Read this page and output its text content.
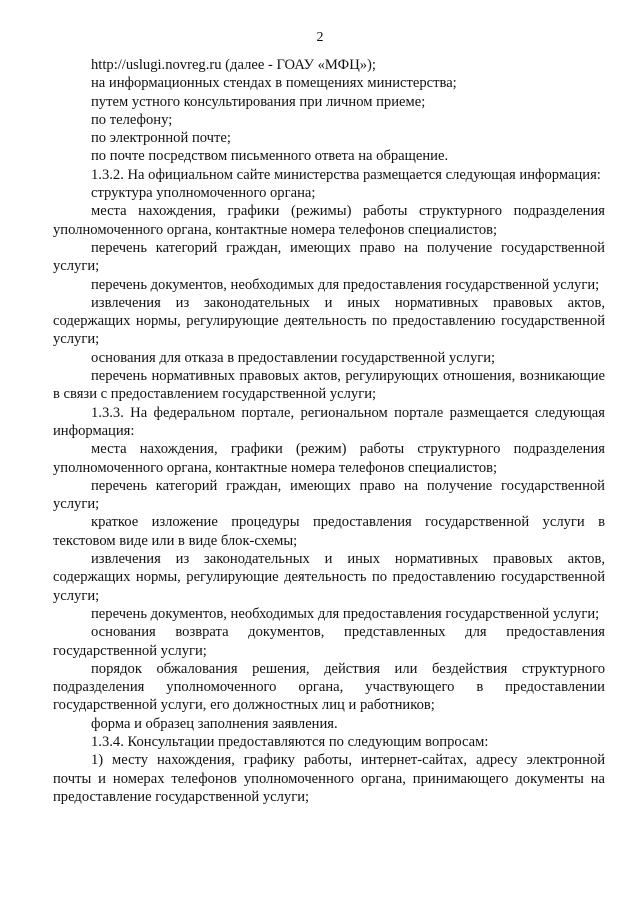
2

http://uslugi.novreg.ru (далее - ГОАУ «МФЦ»);

на информационных стендах в помещениях министерства;

путем устного консультирования при личном приеме;

по телефону;

по электронной почте;

по почте посредством письменного ответа на обращение.

1.3.2. На официальном сайте министерства размещается следующая информация:

структура уполномоченного органа;

места нахождения, графики (режимы) работы структурного подразделения уполномоченного органа, контактные номера телефонов специалистов;

перечень категорий граждан, имеющих право на получение государственной услуги;

перечень документов, необходимых для предоставления государственной услуги;

извлечения из законодательных и иных нормативных правовых актов, содержащих нормы, регулирующие деятельность по предоставлению государственной услуги;

основания для отказа в предоставлении государственной услуги;

перечень нормативных правовых актов, регулирующих отношения, возникающие в связи с предоставлением государственной услуги;

1.3.3. На федеральном портале, региональном портале размещается следующая информация:

места нахождения, графики (режим) работы структурного подразделения уполномоченного органа, контактные номера телефонов специалистов;

перечень категорий граждан, имеющих право на получение государственной услуги;

краткое изложение процедуры предоставления государственной услуги в текстовом виде или в виде блок-схемы;

извлечения из законодательных и иных нормативных правовых актов, содержащих нормы, регулирующие деятельность по предоставлению государственной услуги;

перечень документов, необходимых для предоставления государственной услуги;

основания возврата документов, представленных для предоставления государственной услуги;

порядок обжалования решения, действия или бездействия структурного подразделения уполномоченного органа, участвующего в предоставлении государственной услуги, его должностных лиц и работников;

форма и образец заполнения заявления.

1.3.4. Консультации предоставляются по следующим вопросам:

1) месту нахождения, графику работы, интернет-сайтах, адресу электронной почты и номерах телефонов уполномоченного органа, принимающего документы на предоставление государственной услуги;
